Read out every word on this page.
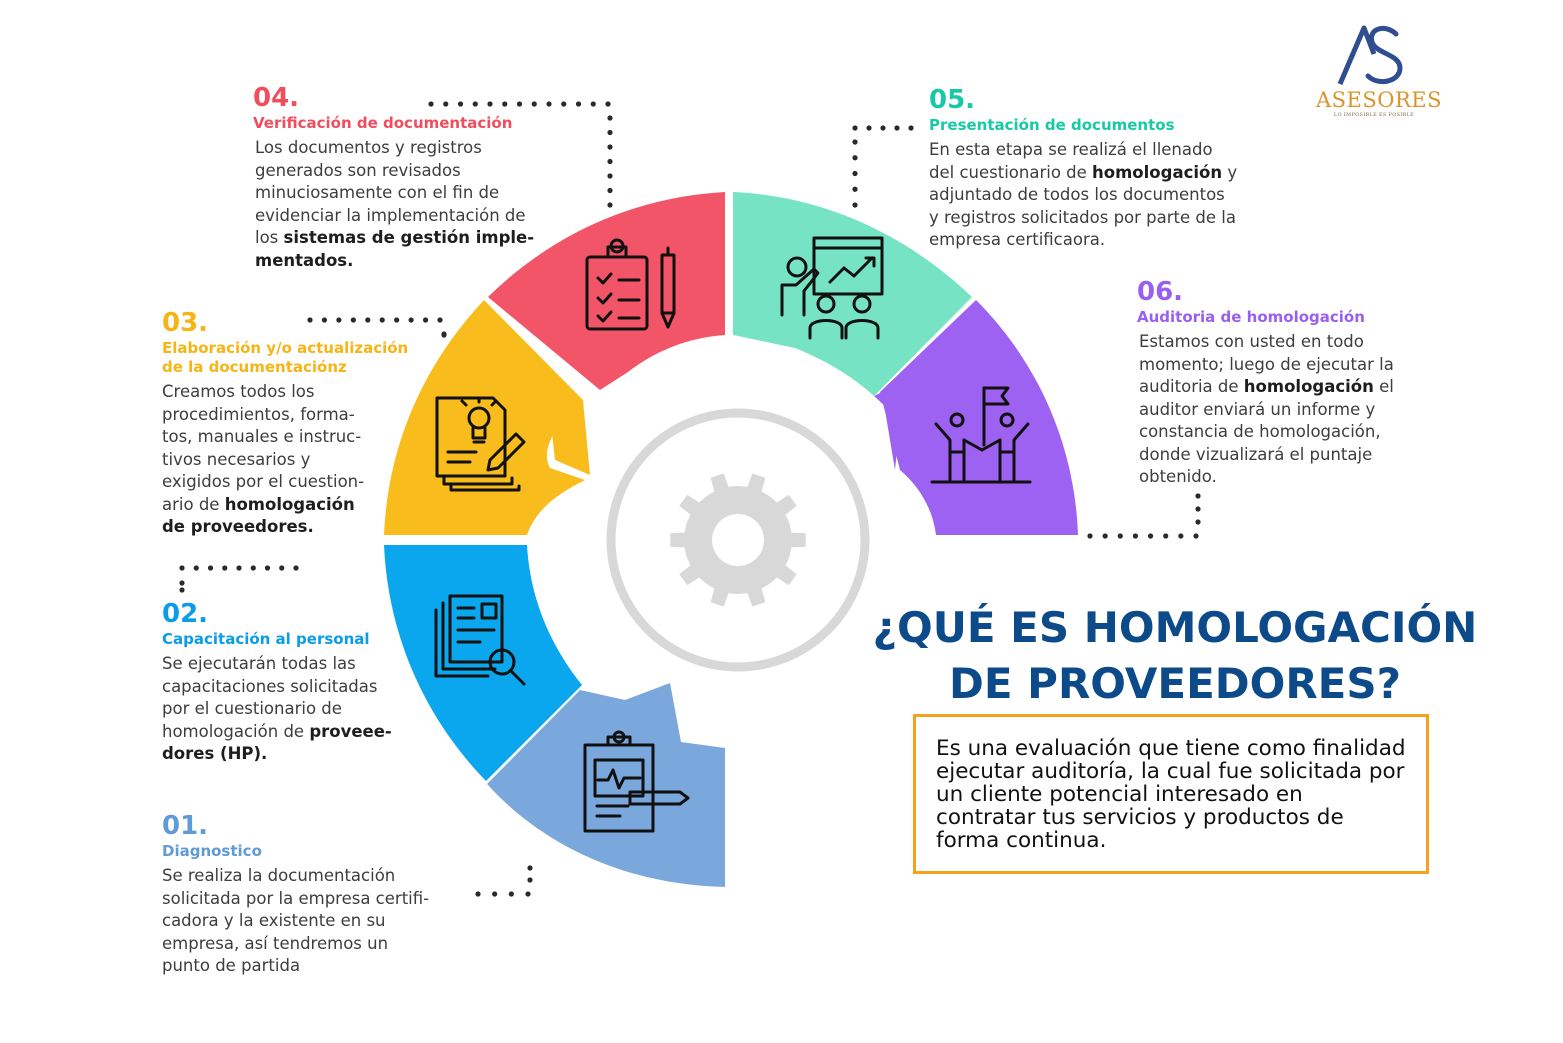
04.
Verificación de documentación
Los documentos y registros
generados son revisados
minuciosamente con el fin de
evidenciar la implementación de
los sistemas de gestión imple-
mentados.
05.
Presentación de documentos
En esta etapa se realizá el llenado
del cuestionario de homologación y
adjuntado de todos los documentos
y registros solicitados por parte de la
empresa certificaora.
03.
Elaboración y/o actualización
de la documentaciónz
Creamos todos los
procedimientos, forma-
tos, manuales e instruc-
tivos necesarios y
exigidos por el cuestion-
ario de homologación
de proveedores.
06.
Auditoria de homologación
Estamos con usted en todo
momento; luego de ejecutar la
auditoria de homologación el
auditor enviará un informe y
constancia de homologación,
donde vizualizará el puntaje
obtenido.
02.
Capacitación al personal
Se ejecutarán todas las
capacitaciones solicitadas
por el cuestionario de
homologación de proveee-
dores (HP).
01.
Diagnostico
Se realiza la documentación
solicitada por la empresa certifi-
cadora y la existente en su
empresa, así tendremos un
punto de partida
¿QUÉ ES HOMOLOGACIÓN
DE PROVEEDORES?
Es una evaluación que tiene como finalidad ejecutar auditoría, la cual fue solicitada por un cliente potencial interesado en contratar tus servicios y productos de forma continua.
ASESORES
LO IMPOSIBLE ES POSIBLE
